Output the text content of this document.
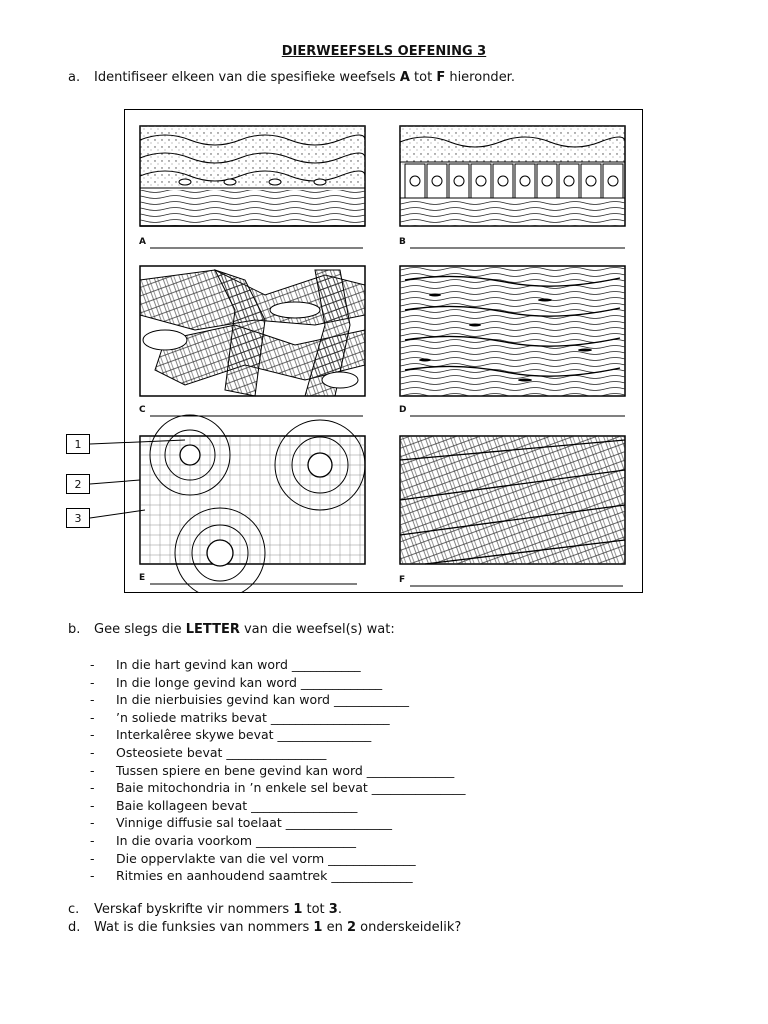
DIERWEEFSELS OEFENING 3
a. Identifiseer elkeen van die spesifieke weefsels A tot F hieronder.
A	B
C	D
E	F
1
2
3
b. Gee slegs die LETTER van die weefsel(s) wat:
- In die hart gevind kan word ___________
- In die longe gevind kan word _____________
- In die nierbuisies gevind kan word ____________
- ’n soliede matriks bevat ___________________
- Interkalêree skywe bevat _______________
- Osteosiete bevat ________________
- Tussen spiere en bene gevind kan word ______________
- Baie mitochondria in ’n enkele sel bevat _______________
- Baie kollageen bevat _________________
- Vinnige diffusie sal toelaat _________________
- In die ovaria voorkom ________________
- Die oppervlakte van die vel vorm ______________
- Ritmies en aanhoudend saamtrek _____________
c. Verskaf byskrifte vir nommers 1 tot 3.
d. Wat is die funksies van nommers 1 en 2 onderskeidelik?
